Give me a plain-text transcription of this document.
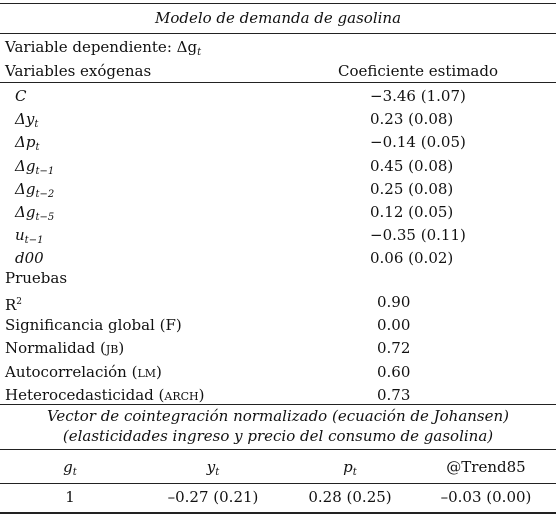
Modelo de demanda de gasolina
Variable dependiente: $\Delta g_t$
Variables exógenas	Coeficiente estimado
C	−3.46 (1.07)
$\Delta y_t$	0.23 (0.08)
$\Delta p_t$	−0.14 (0.05)
$\Delta g_{t-1}$	0.45 (0.08)
$\Delta g_{t-2}$	0.25 (0.08)
$\Delta g_{t-5}$	0.12 (0.05)
$u_{t-1}$	−0.35 (0.11)
d00	0.06 (0.02)
Pruebas
$R^2$	0.90
Significancia global (F)	0.00
Normalidad (jb)	0.72
Autocorrelación (lm)	0.60
Heterocedasticidad (arch)	0.73
Vector de cointegración normalizado (ecuación de Johansen)
(elasticidades ingreso y precio del consumo de gasolina)
$g_t$	$y_t$	$p_t$	@Trend85
1	–0.27 (0.21)	0.28 (0.25)	–0.03 (0.00)
